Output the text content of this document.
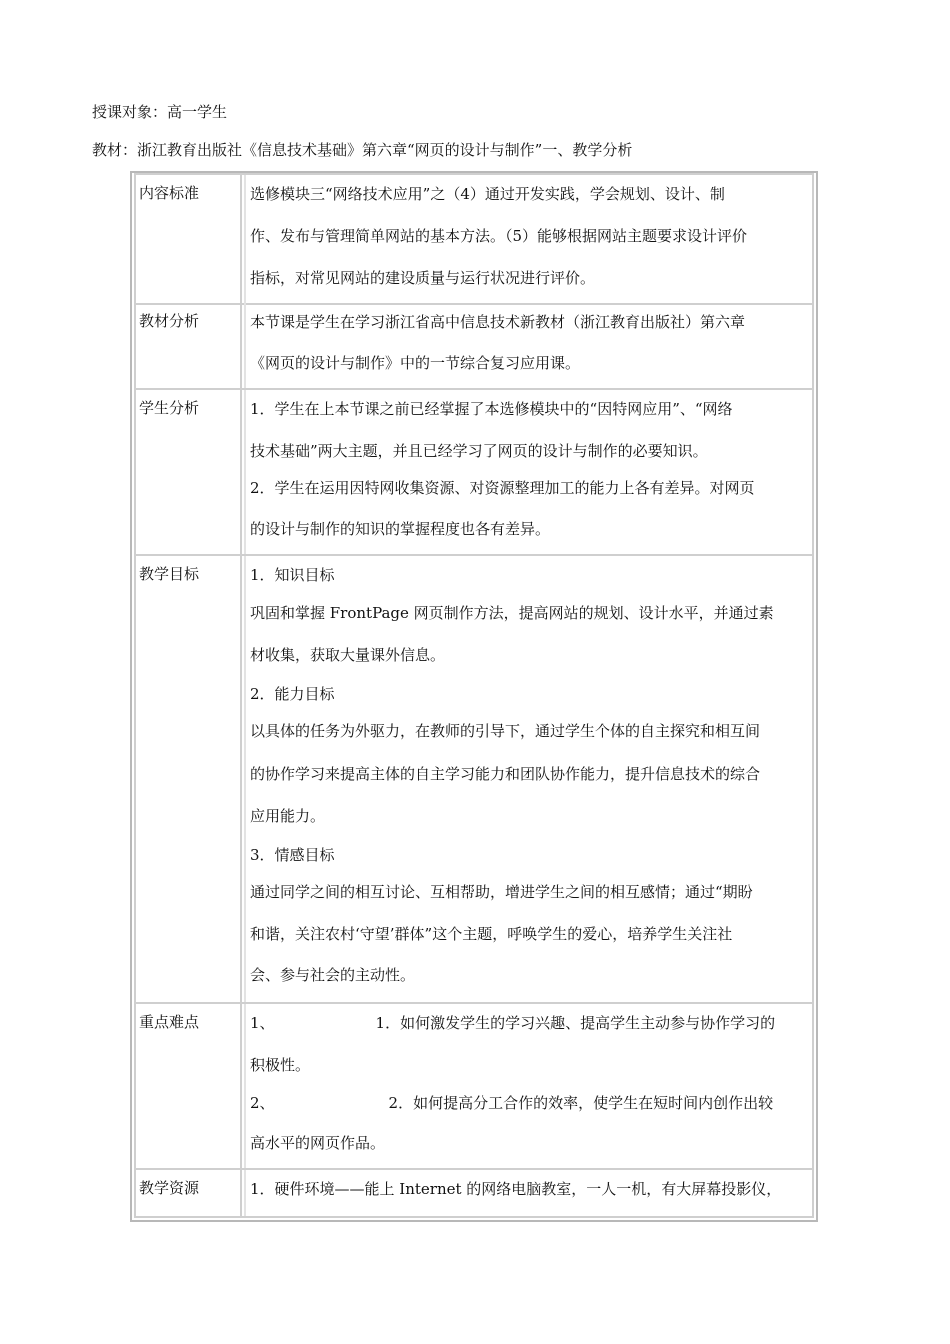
授课对象：高一学生
教材：浙江教育出版社《信息技术基础》第六章“网页的设计与制作”一、教学分析
内容标准	选修模块三“网络技术应用”之（4）通过开发实践，学会规划、设计、制
作、发布与管理简单网站的基本方法。（5）能够根据网站主题要求设计评价
指标，对常见网站的建设质量与运行状况进行评价。
教材分析	本节课是学生在学习浙江省高中信息技术新教材（浙江教育出版社）第六章
《网页的设计与制作》中的一节综合复习应用课。
学生分析	1．学生在上本节课之前已经掌握了本选修模块中的“因特网应用”、“网络
技术基础”两大主题，并且已经学习了网页的设计与制作的必要知识。
2．学生在运用因特网收集资源、对资源整理加工的能力上各有差异。对网页
的设计与制作的知识的掌握程度也各有差异。
教学目标	1．知识目标
巩固和掌握 FrontPage 网页制作方法，提高网站的规划、设计水平，并通过素
材收集，获取大量课外信息。
2．能力目标
以具体的任务为外驱力，在教师的引导下，通过学生个体的自主探究和相互间
的协作学习来提高主体的自主学习能力和团队协作能力，提升信息技术的综合
应用能力。
3．情感目标
通过同学之间的相互讨论、互相帮助，增进学生之间的相互感情；通过“期盼
和谐，关注农村‘守望’群体”这个主题，呼唤学生的爱心，培养学生关注社
会、参与社会的主动性。
重点难点	1、	1．如何激发学生的学习兴趣、提高学生主动参与协作学习的
积极性。
2、	2．如何提高分工合作的效率，使学生在短时间内创作出较
高水平的网页作品。
教学资源	1．硬件环境——能上 Internet 的网络电脑教室，一人一机，有大屏幕投影仪，
